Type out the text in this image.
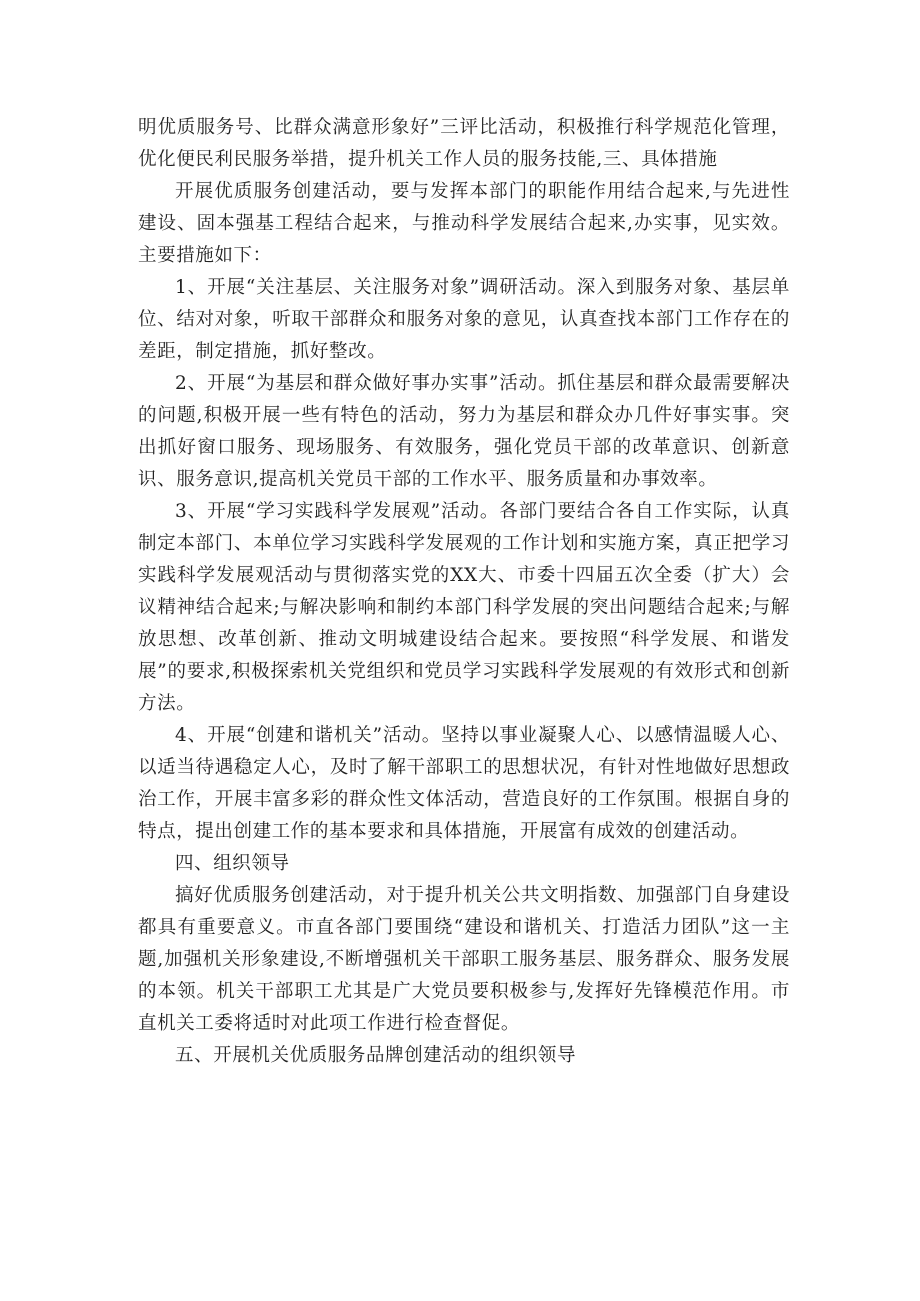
明优质服务号、比群众满意形象好”三评比活动，积极推行科学规范化管理，优化便民利民服务举措，提升机关工作人员的服务技能,三、具体措施

开展优质服务创建活动，要与发挥本部门的职能作用结合起来,与先进性建设、固本强基工程结合起来，与推动科学发展结合起来,办实事，见实效。主要措施如下：

1、开展“关注基层、关注服务对象”调研活动。深入到服务对象、基层单位、结对对象，听取干部群众和服务对象的意见，认真查找本部门工作存在的差距，制定措施，抓好整改。

2、开展“为基层和群众做好事办实事”活动。抓住基层和群众最需要解决的问题,积极开展一些有特色的活动，努力为基层和群众办几件好事实事。突出抓好窗口服务、现场服务、有效服务，强化党员干部的改革意识、创新意识、服务意识,提高机关党员干部的工作水平、服务质量和办事效率。

3、开展“学习实践科学发展观”活动。各部门要结合各自工作实际，认真制定本部门、本单位学习实践科学发展观的工作计划和实施方案，真正把学习实践科学发展观活动与贯彻落实党的XX大、市委十四届五次全委（扩大）会议精神结合起来;与解决影响和制约本部门科学发展的突出问题结合起来;与解放思想、改革创新、推动文明城建设结合起来。要按照“科学发展、和谐发展”的要求,积极探索机关党组织和党员学习实践科学发展观的有效形式和创新方法。

4、开展“创建和谐机关”活动。坚持以事业凝聚人心、以感情温暖人心、以适当待遇稳定人心，及时了解干部职工的思想状况，有针对性地做好思想政治工作，开展丰富多彩的群众性文体活动，营造良好的工作氛围。根据自身的特点，提出创建工作的基本要求和具体措施，开展富有成效的创建活动。

四、组织领导

搞好优质服务创建活动，对于提升机关公共文明指数、加强部门自身建设都具有重要意义。市直各部门要围绕“建设和谐机关、打造活力团队”这一主题,加强机关形象建设,不断增强机关干部职工服务基层、服务群众、服务发展的本领。机关干部职工尤其是广大党员要积极参与,发挥好先锋模范作用。市直机关工委将适时对此项工作进行检查督促。

五、开展机关优质服务品牌创建活动的组织领导
